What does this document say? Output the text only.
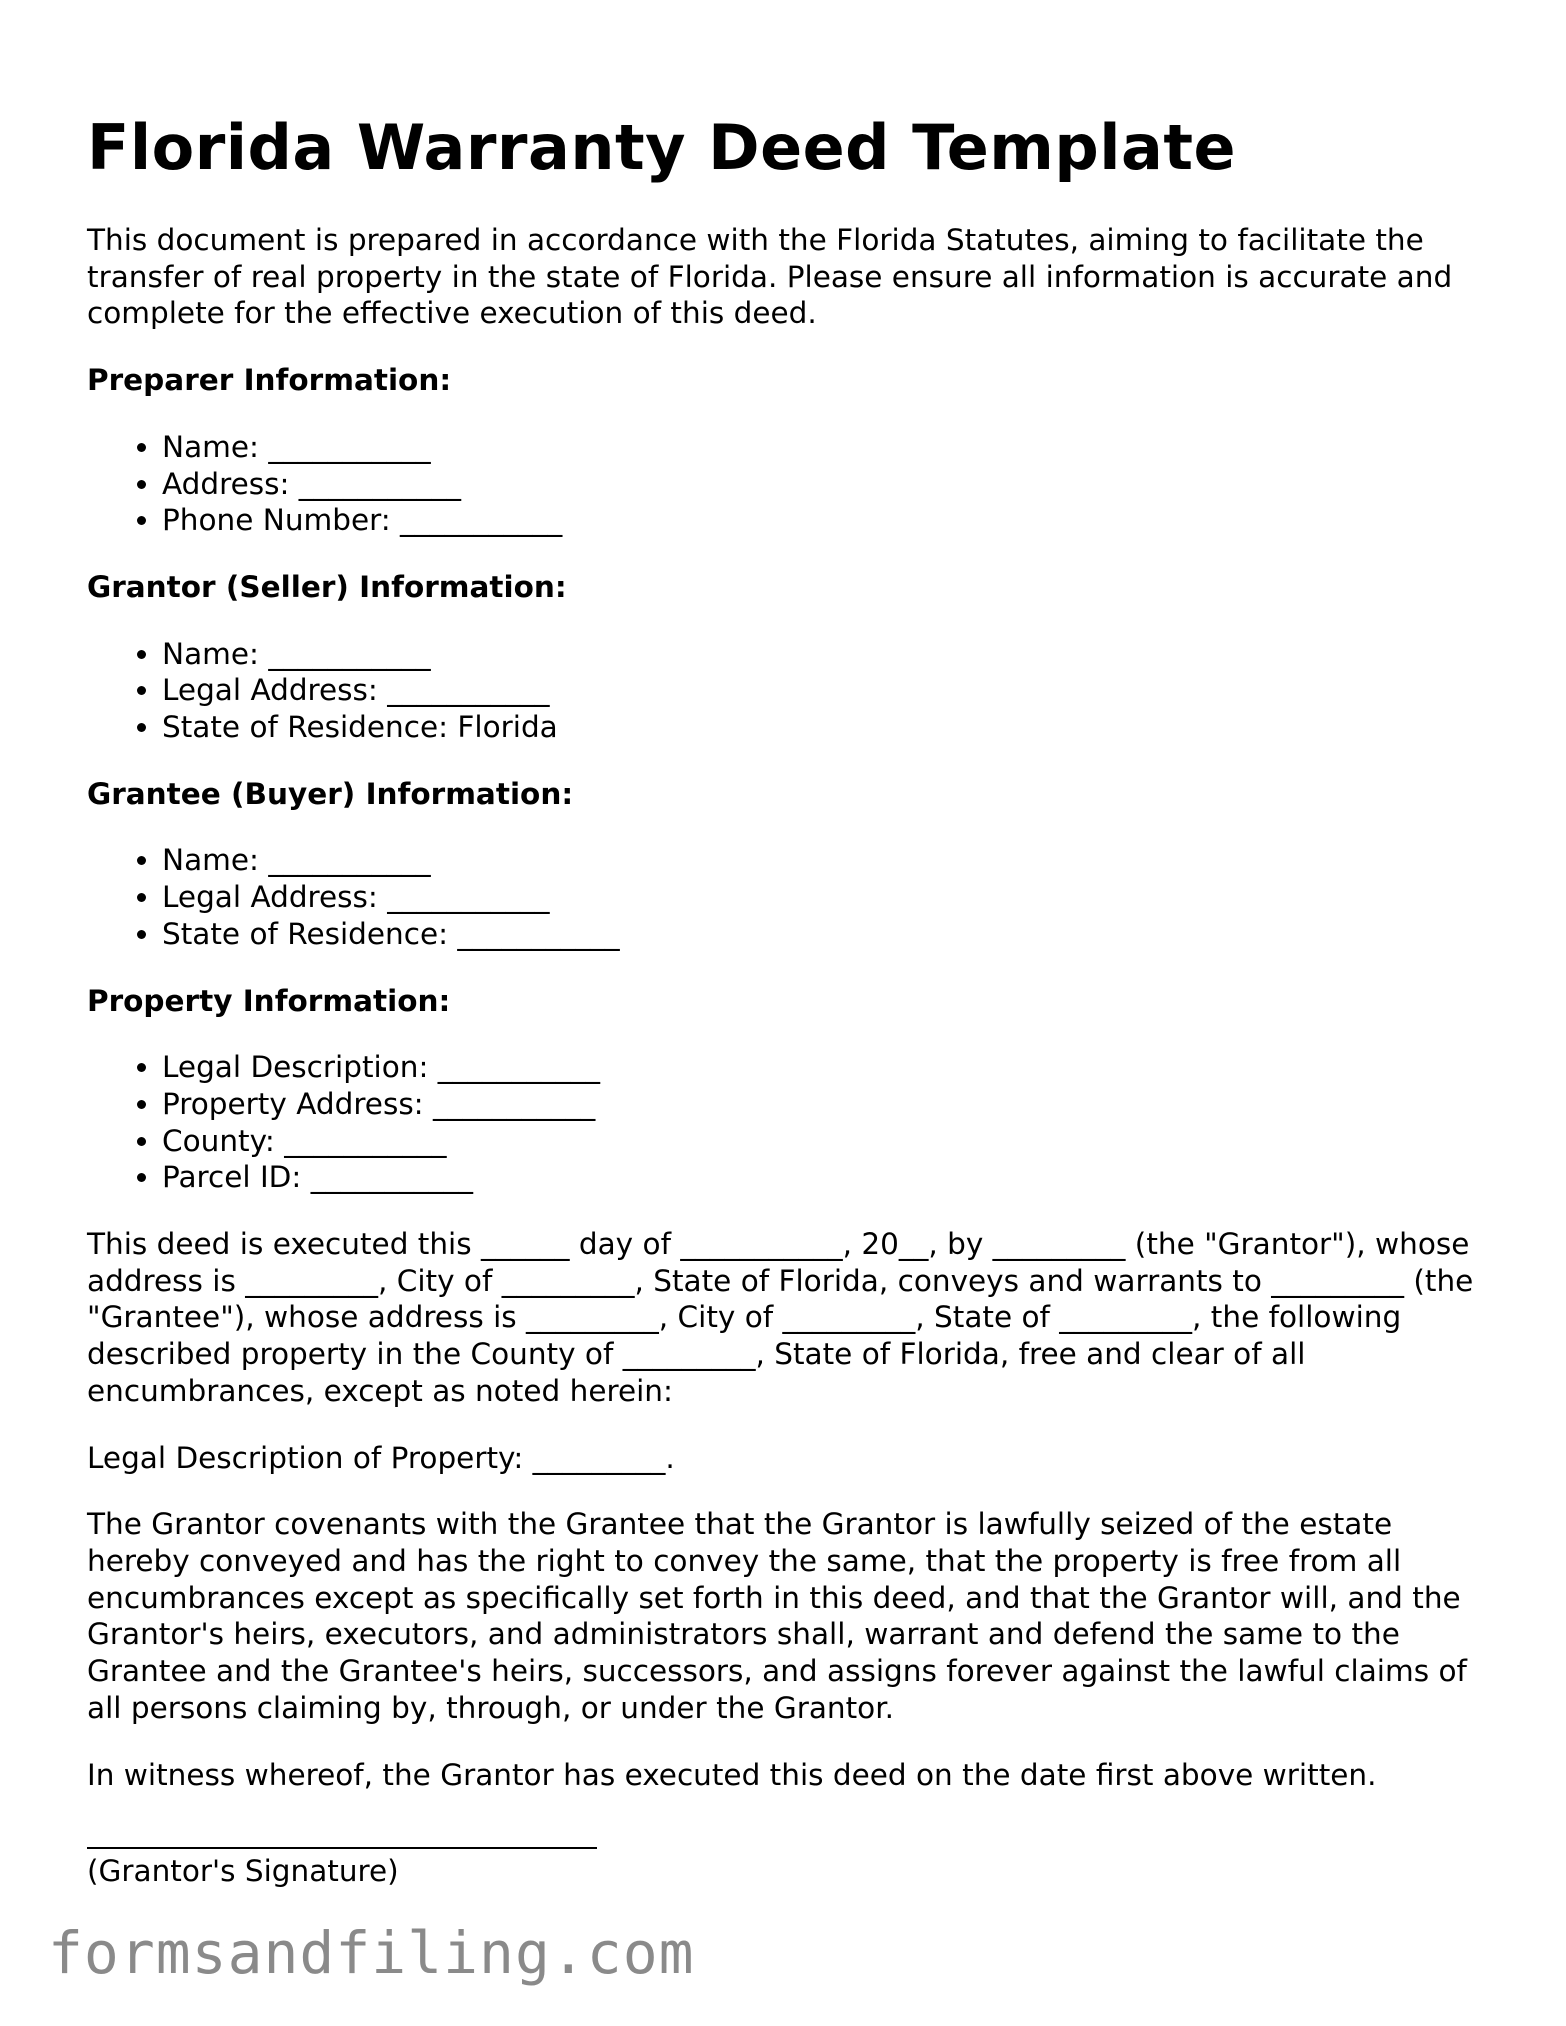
Florida Warranty Deed Template

This document is prepared in accordance with the Florida Statutes, aiming to facilitate the transfer of real property in the state of Florida. Please ensure all information is accurate and complete for the effective execution of this deed.

Preparer Information:
• Name: ___________
• Address: ___________
• Phone Number: ___________
Grantor (Seller) Information:
• Name: ___________
• Legal Address: ___________
• State of Residence: Florida
Grantee (Buyer) Information:
• Name: ___________
• Legal Address: ___________
• State of Residence: ___________
Property Information:
• Legal Description: ___________
• Property Address: ___________
• County: ___________
• Parcel ID: ___________

This deed is executed this ______ day of ___________, 20__, by _________ (the "Grantor"), whose address is _________, City of _________, State of Florida, conveys and warrants to _________ (the "Grantee"), whose address is _________, City of _________, State of _________, the following described property in the County of _________, State of Florida, free and clear of all encumbrances, except as noted herein:

Legal Description of Property: _________.

The Grantor covenants with the Grantee that the Grantor is lawfully seized of the estate hereby conveyed and has the right to convey the same, that the property is free from all encumbrances except as specifically set forth in this deed, and that the Grantor will, and the Grantor's heirs, executors, and administrators shall, warrant and defend the same to the Grantee and the Grantee's heirs, successors, and assigns forever against the lawful claims of all persons claiming by, through, or under the Grantor.

In witness whereof, the Grantor has executed this deed on the date first above written.

(Grantor's Signature)
formsandfiling.com
